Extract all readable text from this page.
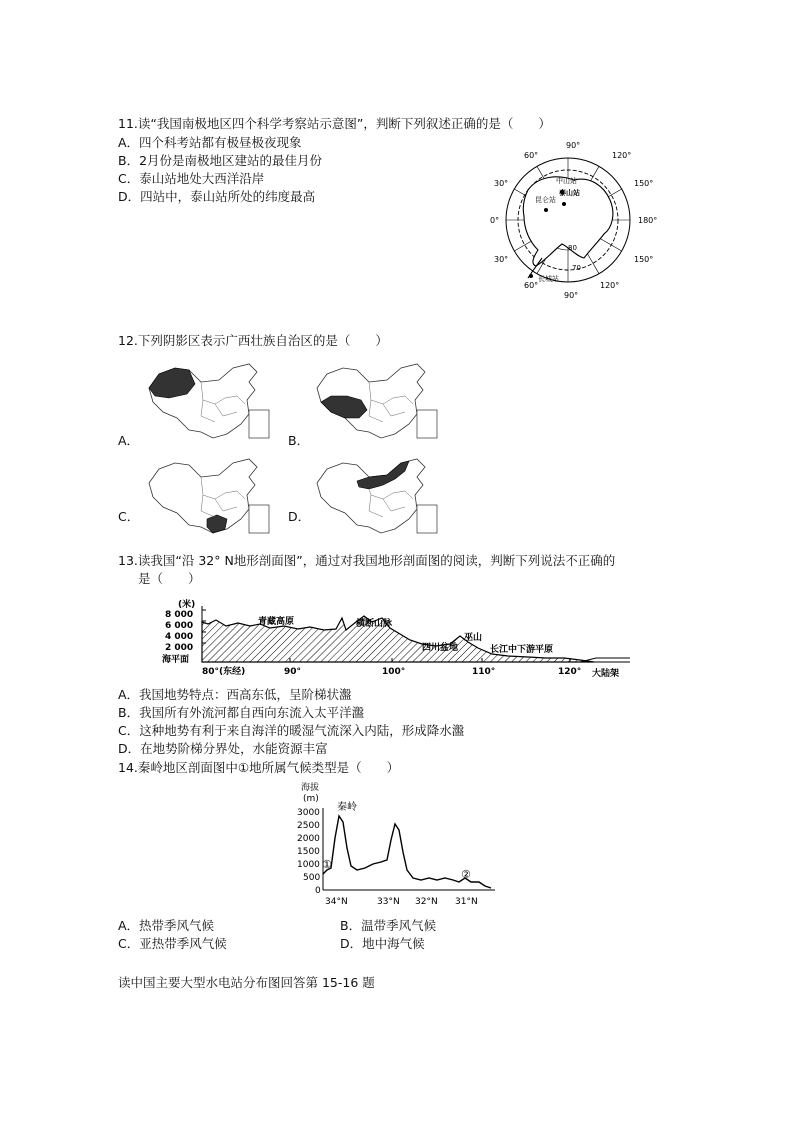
11.读“我国南极地区四个科学考察站示意图”，判断下列叙述正确的是（　　）
A．四个科考站都有极昼极夜现象
B．2月份是南极地区建站的最佳月份
C．泰山站地处大西洋沿岸
D．四站中，泰山站所处的纬度最高
90°
60°	120°
150°
30°
0°	180°
30°	150°
60°	120°
90°
中山站
泰山站
昆仑站
长城站
80
70
12.下列阴影区表示广西壮族自治区的是（　　）
A．	B．
C．	D．
13.读我国“沿 32° N地形剖面图”，通过对我国地形剖面图的阅读，判断下列说法不正确的
是（　　）
(米)
8 000
6 000
4 000
2 000
海平面
80°(东经)	90°	100°	110°	120°
青藏高原	横断山脉
四川盆地
巫山
长江中下游平原
大陆架
A．我国地势特点：西高东低，呈阶梯状瀊
B．我国所有外流河都自西向东流入太平洋瀊
C．这种地势有利于来自海洋的暖湿气流深入内陆，形成降水瀊
D．在地势阶梯分界处，水能资源丰富
14.秦岭地区剖面图中①地所属气候类型是（　　）
海拔
(m)
3000
2500
2000
1500
1000
500
0
34°N	33°N 32°N 31°N
秦岭
①
②
A．热带季风气候	B．温带季风气候
C．亚热带季风气候	D．地中海气候
读中国主要大型水电站分布图回答第 15-16 题
